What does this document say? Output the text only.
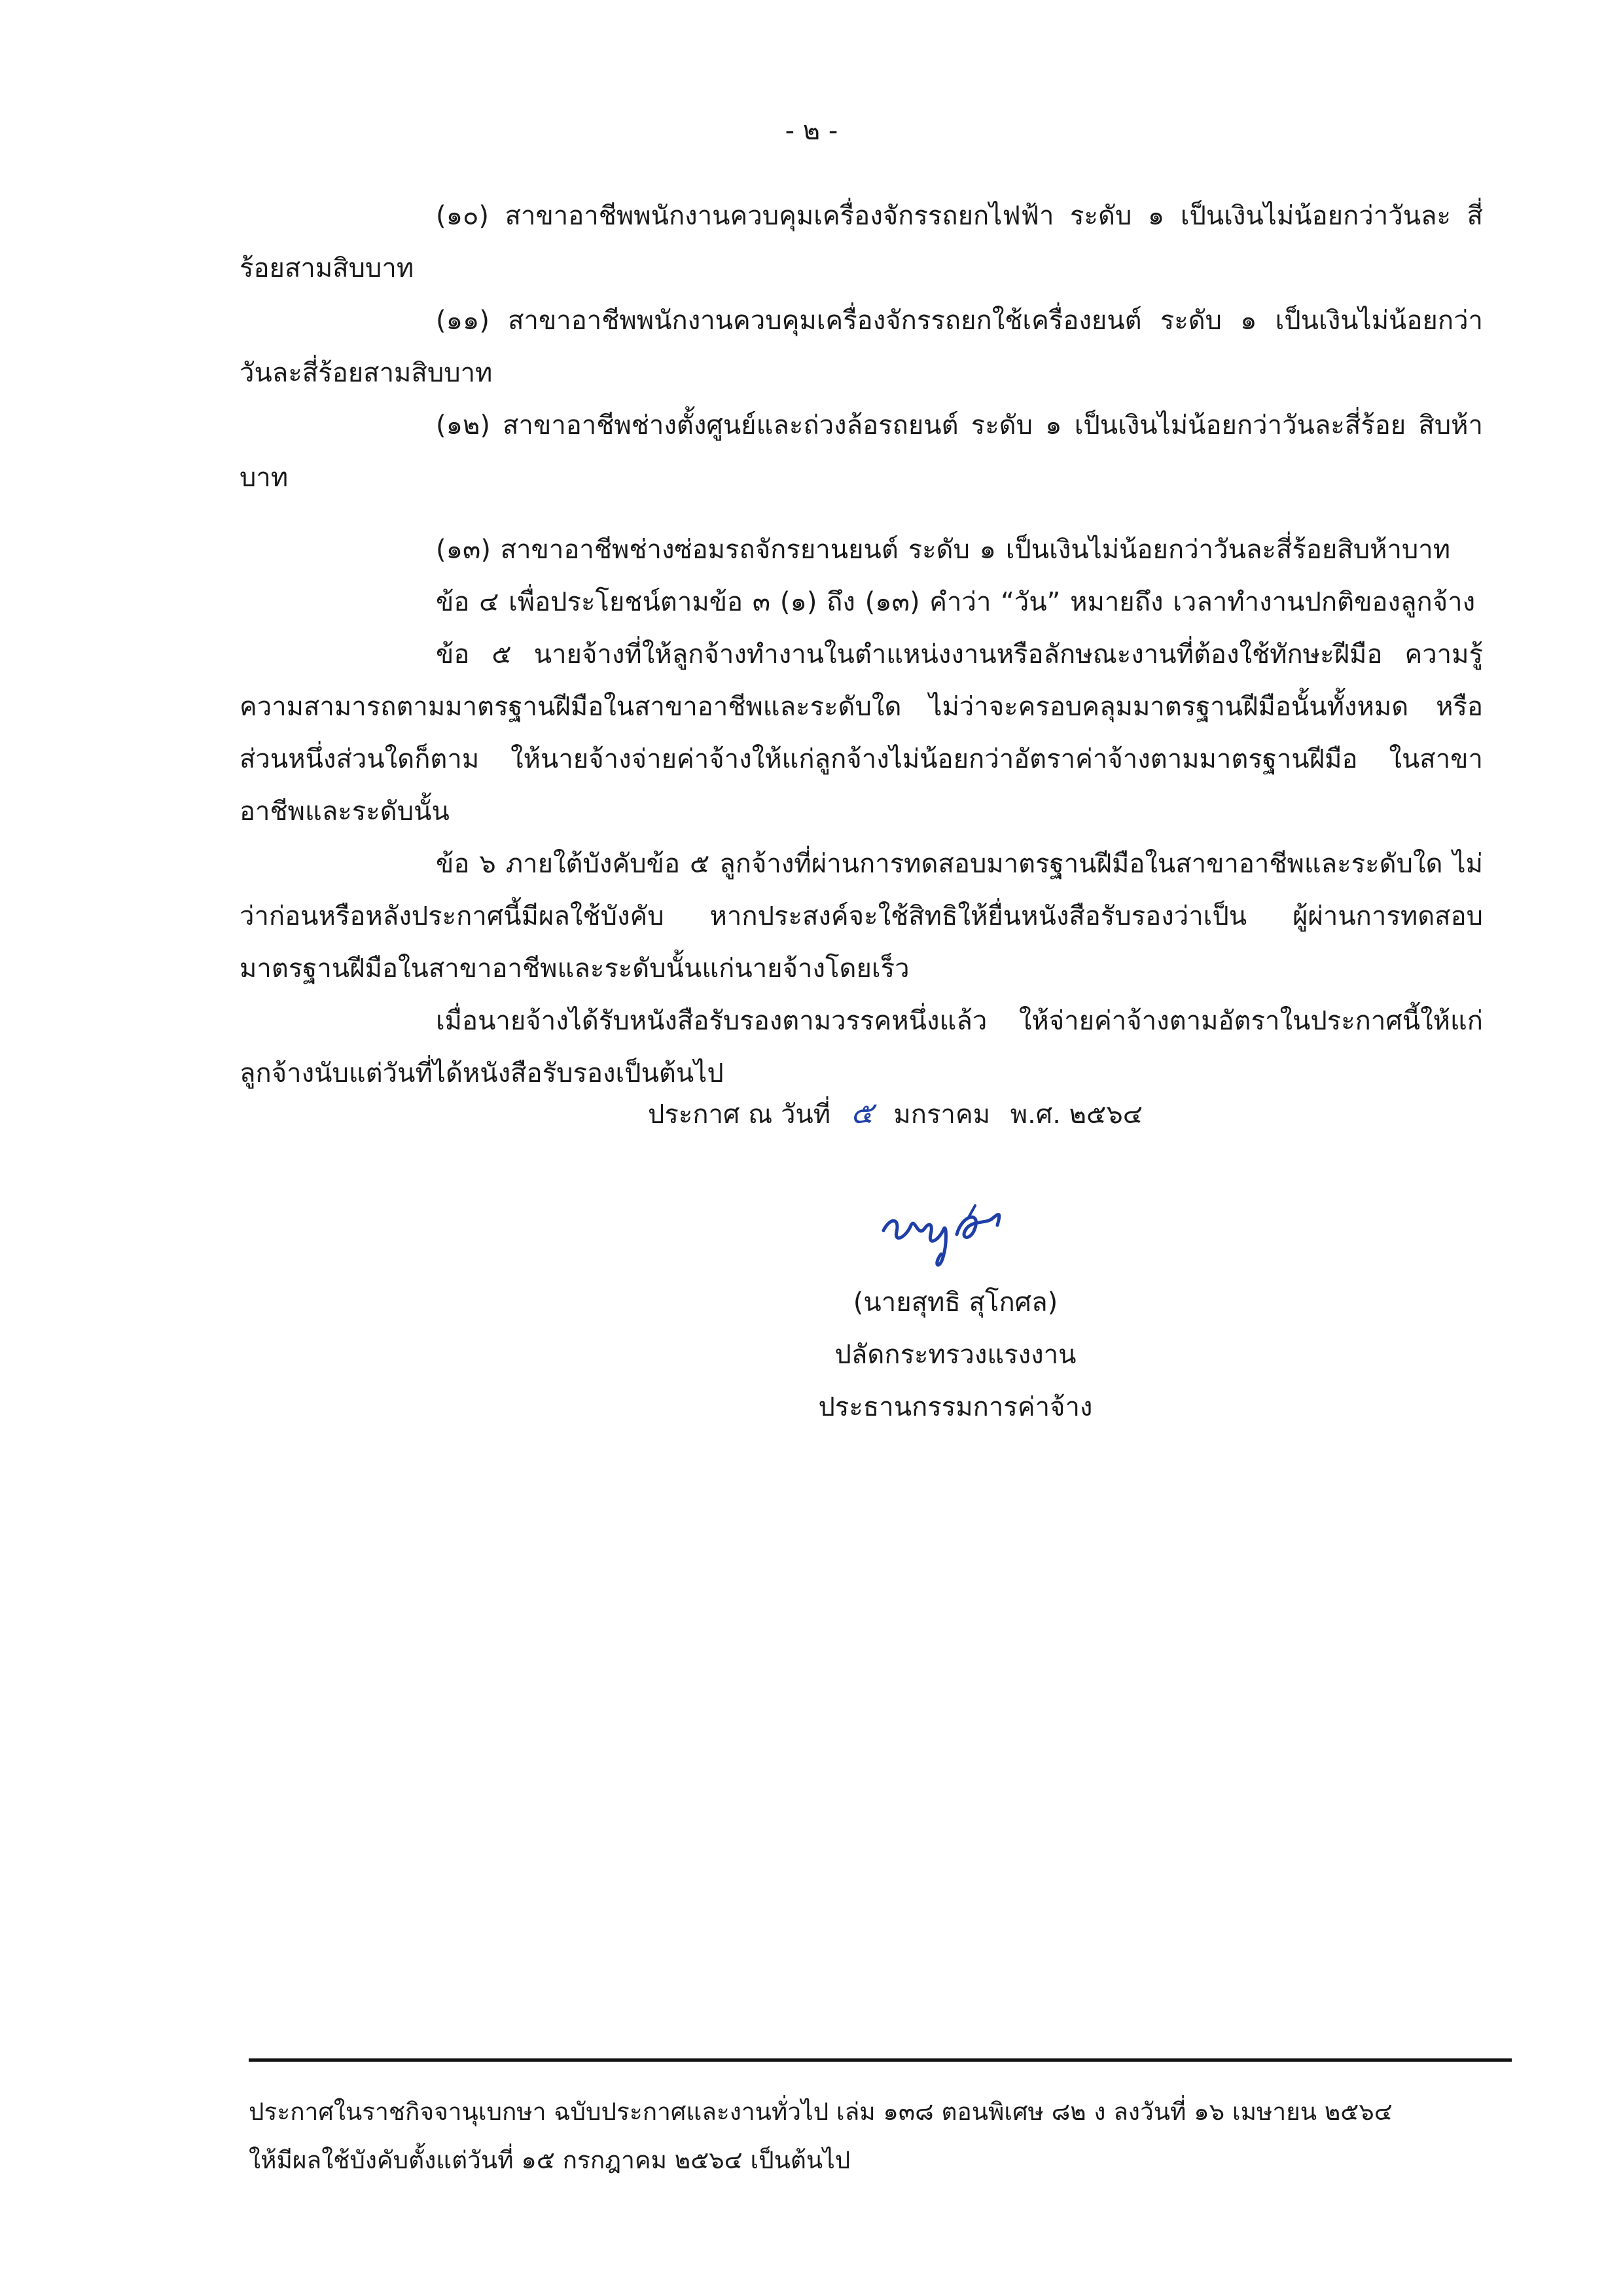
- ๒ -

(๑๐) สาขาอาชีพพนักงานควบคุมเครื่องจักรรถยกไฟฟ้า ระดับ ๑ เป็นเงินไม่น้อยกว่าวันละ สี่ร้อยสามสิบบาท

(๑๑) สาขาอาชีพพนักงานควบคุมเครื่องจักรรถยกใช้เครื่องยนต์ ระดับ ๑ เป็นเงินไม่น้อยกว่า วันละสี่ร้อยสามสิบบาท

(๑๒) สาขาอาชีพช่างตั้งศูนย์และถ่วงล้อรถยนต์ ระดับ ๑ เป็นเงินไม่น้อยกว่าวันละสี่ร้อย สิบห้าบาท

(๑๓) สาขาอาชีพช่างซ่อมรถจักรยานยนต์ ระดับ ๑ เป็นเงินไม่น้อยกว่าวันละสี่ร้อยสิบห้าบาท

ข้อ ๔ เพื่อประโยชน์ตามข้อ ๓ (๑) ถึง (๑๓) คำว่า “วัน” หมายถึง เวลาทำงานปกติของลูกจ้าง

ข้อ ๕ นายจ้างที่ให้ลูกจ้างทำงานในตำแหน่งงานหรือลักษณะงานที่ต้องใช้ทักษะฝีมือ ความรู้ ความสามารถตามมาตรฐานฝีมือในสาขาอาชีพและระดับใด ไม่ว่าจะครอบคลุมมาตรฐานฝีมือนั้นทั้งหมด หรือส่วนหนึ่งส่วนใดก็ตาม ให้นายจ้างจ่ายค่าจ้างให้แก่ลูกจ้างไม่น้อยกว่าอัตราค่าจ้างตามมาตรฐานฝีมือ ในสาขาอาชีพและระดับนั้น

ข้อ ๖ ภายใต้บังคับข้อ ๕ ลูกจ้างที่ผ่านการทดสอบมาตรฐานฝีมือในสาขาอาชีพและระดับใด ไม่ว่าก่อนหรือหลังประกาศนี้มีผลใช้บังคับ หากประสงค์จะใช้สิทธิให้ยื่นหนังสือรับรองว่าเป็น ผู้ผ่านการทดสอบ มาตรฐานฝีมือในสาขาอาชีพและระดับนั้นแก่นายจ้างโดยเร็ว

เมื่อนายจ้างได้รับหนังสือรับรองตามวรรคหนึ่งแล้ว ให้จ่ายค่าจ้างตามอัตราในประกาศนี้ให้แก่ ลูกจ้างนับแต่วันที่ได้หนังสือรับรองเป็นต้นไป

ประกาศ ณ วันที่ ๕ มกราคม พ.ศ. ๒๕๖๔
(นายสุทธิ สุโกศล)
ปลัดกระทรวงแรงงาน
ประธานกรรมการค่าจ้าง
ประกาศในราชกิจจานุเบกษา ฉบับประกาศและงานทั่วไป เล่ม ๑๓๘ ตอนพิเศษ ๘๒ ง ลงวันที่ ๑๖ เมษายน ๒๕๖๔
ให้มีผลใช้บังคับตั้งแต่วันที่ ๑๕ กรกฎาคม ๒๕๖๔ เป็นต้นไป
